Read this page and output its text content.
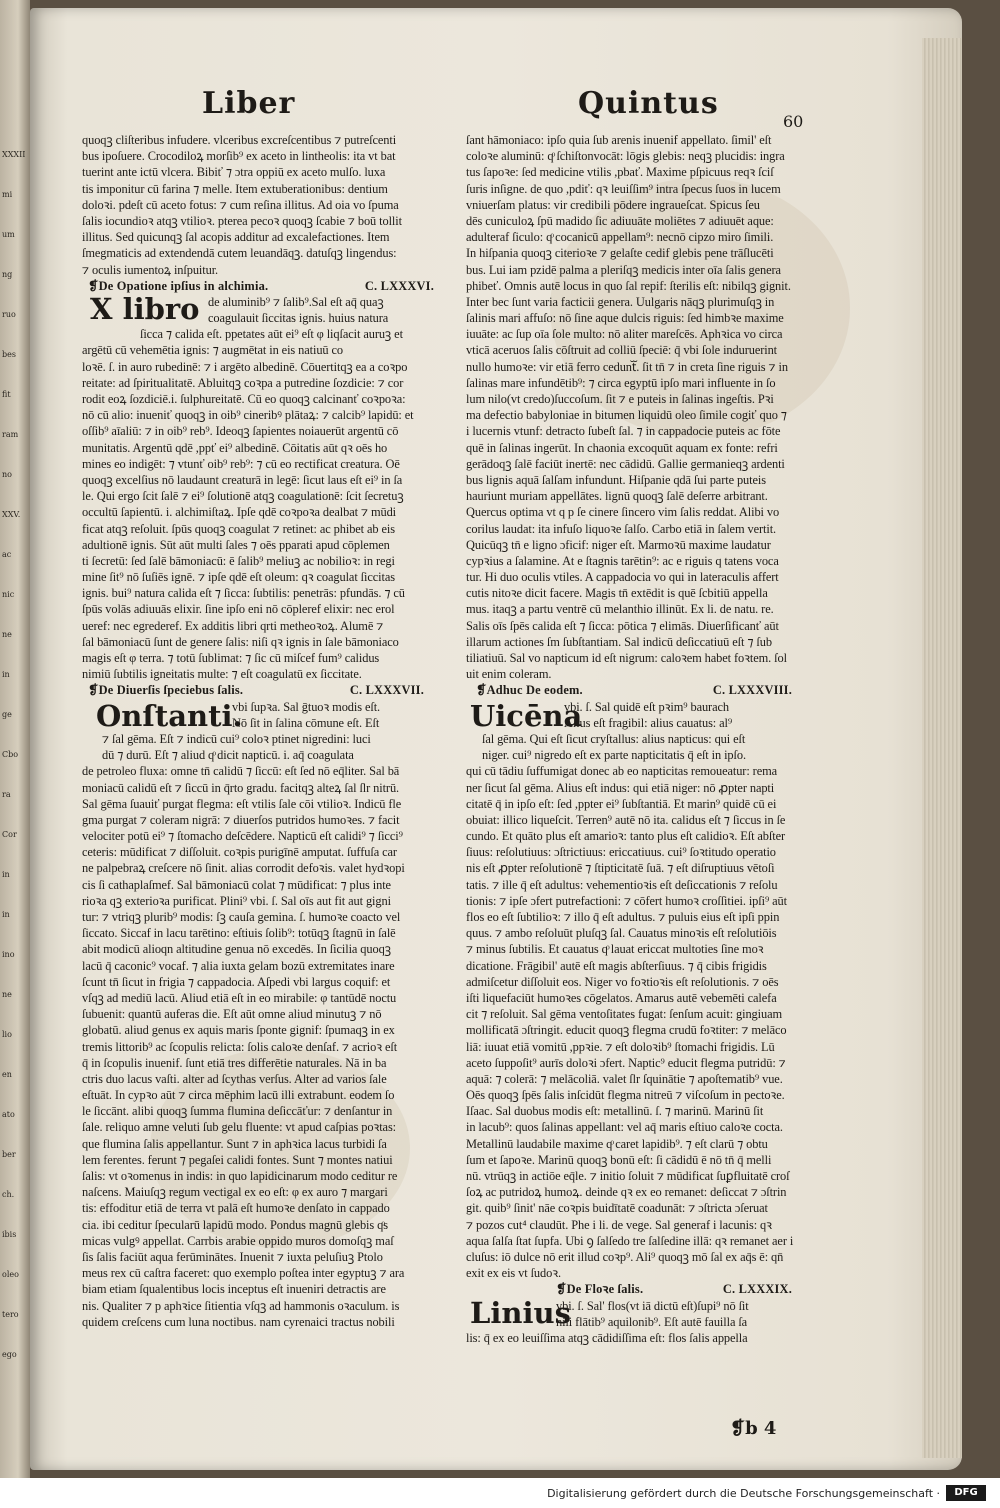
XXXII
mi
um
ng
ruo
bes
fit
ram
no
XXV.
ac
nic
ne
in
ge
Cbo
ra
Cor
in
in
ino
ne
lio
en
ato
ber
ch.
ibis
oleo
tero
ego
Liber	Quintus
60
quoqꝫ cliſteribus infudere. vlceribus excreſcentibus ⁊ putreſcenti
bus ipoſuere. Crocodiloꝝ morſib⁹ ex aceto in lintheolis: ita vt bat
tuerint ante ictū vlcera. Bibiť ⁊ ɔtra oppiū ex aceto mulſo. luxa
tis imponitur cū farina ⁊ melle. Item extuberationibus: dentium
doloꝛi. pdeſt cū aceto fotus: ⁊ cum reſina illitus. Ad oia vo ſpuma
ſalis iocundioꝛ atqꝫ vtilioꝛ. pterea pecoꝛ quoqꝫ ſcabie ⁊ boū tollit
illitus. Sed quicunqꝫ ſal acopis additur ad excalefactiones. Item
ſmegmaticis ad extendendā cutem leuandāqꝫ. datuſqꝫ lingendus:
⁊ oculis iumentoꝝ inſpuitur.
❡De Opatione ipſius in alchimia.	C. LXXXVI.
X libro de aluminib⁹ ⁊ ſalib⁹.Sal eſt aq̄ quaꝫ
coagulauit ſiccitas ignis. huius natura
ſicca ⁊ calida eſt. ppetates aūt ei⁹ eſt φ liqſacit auruꝫ et
argētū cū vehemētia ignis: ⁊ augmētat in eis natiuū co
loꝛē. ſ. in auro rubedinē: ⁊ i argēto albedinē. Cōuertitqꝫ ea a coꝛpo
reitate: ad ſpiritualitatē. Abluitqꝫ coꝛpa a putredine ſozdicie: ⁊ cor
rodit eoꝝ ſozdiciē.i. ſulphureitatē. Cū eo quoqꝫ calcinanť coꝛpoꝛa:
nō cū alio: inueniť quoqꝫ in oib⁹ cineribꝰ plātaꝝ: ⁊ calcib⁹ lapidū: et
oſſib⁹ aīaliū: ⁊ in oib⁹ reb⁹. Ideoqꝫ ſapientes noiauerūt argentū cō
munitatis. Argentū qdē ,ppť ei⁹ albedinē. Cōitatis aūt qꝛ oēs ho
mines eo indigēt: ⁊ vtunť oib⁹ reb⁹: ⁊ cū eo rectificat creatura. Oē
quoqꝫ excelſius nō laudaunt creaturā in legē: ſicut laus eſt ei⁹ in ſa
le. Qui ergo ſcit ſalē ⁊ ei⁹ ſolutionē atqꝫ coagulationē: ſcit ſecretuꝫ
occultū ſapientū. i. alchimiſtaꝝ. Ipſe qdē coꝛpoꝛa dealbat ⁊ mūdi
ficat atqꝫ reſoluit. ſpūs quoqꝫ coagulat ⁊ retinet: ac phibet ab eis
adultionē ignis. Sūt aūt multi ſales ⁊ oēs pparati apud cōplemen
ti ſecretū: ſed ſalē bāmoniacū: ē ſalib⁹ meliuꝫ ac nobilioꝛ: in regi
mine ſit⁹ nō ſuſiēs ignē. ⁊ ipſe qdē eſt oleum: qꝛ coagulat ſiccitas
ignis. bui⁹ natura calida eſt ⁊ ſicca: ſubtilis: penetrās: pfundās. ⁊ cū
ſpūs volās adiuuās elixir. ſine ipſo eni nō cōpleref elixir: nec erol
ueref: nec egrederef. Ex additis libri qrti metheoꝛoꝝ. Alumē ⁊
ſal bāmoniacū ſunt de genere ſalis: niſi qꝛ ignis in ſale bāmoniaco
magis eſt φ terra. ⁊ totū ſublimat: ⁊ ſic cū miſcef fum⁹ calidus
nimiū ſubtilis igneitatis multe: ⁊ eſt coagulatū ex ſiccitate.
❡De Diuerſis ſpeciebus ſalis.	C. LXXXVII.
Onſtanti.
vbi ſupꝛa. Sal ḡtuoꝛ modis eſt.
Nō ſit in ſalina cōmune eſt. Eſt
⁊ ſal gēma. Eſt ⁊ indicū cui⁹ coloꝛ ptinet nigredini: luci
dū ⁊ durū. Eſt ⁊ aliud qͦ dicit napticū. i. aq̄ coagulata
de petroleo fluxa: omne tn̄ calidū ⁊ ſiccū: eſt ſed nō eq̄liter. Sal bā
moniacū calidū eſt ⁊ ſiccū in q̄rto gradu. facitqꝫ alteꝝ ſal ſlr nitrū.
Sal gēma ſuauiť purgat flegma: eſt vtilis ſale cōi vtilioꝛ. Indicū fle
gma purgat ⁊ coleram nigrā: ⁊ diuerſos putridos humoꝛes. ⁊ facit
velociter potū ei⁹ ⁊ ſtomacho deſcēdere. Napticū eſt calidi⁹ ⁊ ſicci⁹
ceteris: mūdificat ⁊ diſſoluit. coꝛpis purigīnē amputat. ſuffuſa car
ne palpebraꝝ creſcere nō ſinit. alias corrodit defoꝛis. valet hydꝛopi
cis ſi cathaplaſmef. Sal bāmoniacū colat ⁊ mūdificat: ⁊ plus inte
rioꝛa qꝫ exterioꝛa purificat. Plini⁹ vbi. ſ. Sal oīs aut fit aut gigni
tur: ⁊ vtriqꝫ plurib⁹ modis: ſꝫ cauſa gemina. ſ. humoꝛe coacto vel
ſiccato. Siccaf in lacu tarētino: eſtiuis ſolib⁹: totūqꝫ ſtagnū in ſalē
abit modicū alioqn altitudine genua nō excedēs. In ſicilia quoqꝫ
lacū q̄ caconic⁹ vocaf. ⁊ alia iuxta gelam bozū extremitates inare
ſcunt tn̄ ſicut in frigia ⁊ cappadocia. Aſpedi vbi largus coquif: et
vſqꝫ ad mediū lacū. Aliud etiā eſt in eo mirabile: φ tantūdē noctu
ſubuenit: quantū auferas die. Eſt aūt omne aliud minutuꝫ ⁊ nō
globatū. aliud genus ex aquis maris ſponte gignif: ſpumaqꝫ in ex
tremis littorib⁹ ac ſcopulis relicta: ſolis caloꝛe denſaf. ⁊ acrioꝛ eſt
q̄ in ſcopulis inuenif. ſunt etiā tres differētie naturales. Nā in ba
ctris duo lacus vaſti. alter ad ſcythas verſus. Alter ad varios ſale
eſtuāt. In cypꝛo aūt ⁊ circa mēphim lacū illi extrabunt. eodem ſo
le ſiccānt. alibi quoqꝫ ſumma flumina deſiccāťur: ⁊ denſantur in
ſale. reliquo amne veluti ſub gelu fluente: vt apud caſpias poꝛtas:
que flumina ſalis appellantur. Sunt ⁊ in aphꝛica lacus turbidi ſa
lem ferentes. ferunt ⁊ pegaſei calidi fontes. Sunt ⁊ montes natiui
ſalis: vt oꝛomenus in indis: in quo lapidicinarum modo ceditur re
naſcens. Maiuſqꝫ regum vectigal ex eo eſt: φ ex auro ⁊ margari
tis: effoditur etiā de terra vt palā eſt humoꝛe denſato in cappado
cia. ibi ceditur ſpecularū lapidū modo. Pondus magnū glebis qͦs
micas vulgꝰ appellat. Carrbis arabie oppido muros domoſqꝫ maſ
ſis ſalis faciūt aqua ferūminātes. Inuenit ⁊ iuxta peluſiuꝫ Ptolo
meus rex cū caſtra faceret: quo exemplo poſtea inter egyptuꝫ ⁊ ara
biam etiam ſqualentibus locis inceptus eſt inueniri detractis are
nis. Qualiter ⁊ p aphꝛice ſitientia vſqꝫ ad hammonis oꝛaculum. is
quidem creſcens cum luna noctibus. nam cyrenaici tractus nobili
ſant hāmoniaco: ipſo quia ſub arenis inuenif appellato. ſimil' eſt
coloꝛe aluminū: qͦ ſchiſtonvocāt: lōgis glebis: neqꝫ plucidis: ingra
tus ſapoꝛe: ſed medicine vtilis ,pbať. Maxime pſpicuus reqꝛ ſciſ
ſuris inſigne. de quo ,pdiť: qꝛ leuiſſim⁹ intra ſpecus ſuos in lucem
vniuerſam platus: vir credibili pōdere ingraueſcat. Spicus ſeu
dēs cuniculoꝝ ſpū madido ſic adiuuāte moliētes ⁊ adiuuēt aque:
adulteraf ſiculo: qͦ cocanicū appellam⁹: necnō cipzo miro ſimili.
In hiſpania quoqꝫ citerioꝛe ⁊ gelaſte cedif glebis pene trāſlucēti
bus. Lui iam pzidē palma a pleriſqꝫ medicis inter oīa ſalis genera
phibeť. Omnis autē locus in quo ſal repif: ſterilis eſt: nibilqꝫ gignit.
Inter bec ſunt varia facticii genera. Uulgaris nāqꝫ plurimuſqꝫ in
ſalinis mari affuſo: nō ſine aque dulcis riguis: ſed himbꝛe maxime
iuuāte: ac ſup oīa ſole multo: nō aliter mareſcēs. Aphꝛica vo circa
vticā aceruos ſalis cōſtruit ad colliū ſpeciē: q̄ vbi ſole induruerint
nullo humoꝛe: vir etiā ferro ceduntᷓ. ſit tn̄ ⁊ in creta ſine riguis ⁊ in
ſalinas mare infundētib⁹: ⁊ circa egyptū ipſo mari influente in ſo
lum nilo(vt credo)ſuccoſum. ſit ⁊ e puteis in ſalinas ingeſtis. Pꝛi
ma defectio babyloniae in bitumen liquidū oleo ſimile cogiť quo ⁊
i lucernis vtunf: detracto ſubeſt ſal. ⁊ in cappadocie puteis ac fōte
quē in ſalinas ingerūt. In chaonia excoquūt aquam ex fonte: refri
gerādoqꝫ ſalē faciūt inertē: nec cādidū. Gallie germanieqꝫ ardenti
bus lignis aquā ſalſam infundunt. Hiſpanie qdā ſui parte puteis
hauriunt muriam appellātes. lignū quoqꝫ ſalē deſerre arbitrant.
Quercus optima vt q p ſe cinere ſincero vim ſalis reddat. Alibi vo
corilus laudat: ita infuſo liquoꝛe ſalſo. Carbo etiā in ſalem vertit.
Quicūqꝫ tn̄ e ligno ɔficif: niger eſt. Marmoꝛū maxime laudatur
cypꝛius a ſalamine. At e ſtagnis tarētin⁹: ac e riguis q tatens voca
tur. Hi duo oculis vtiles. A cappadocia vo qui in lateraculis affert
cutis nitoꝛe dicit facere. Magis tn̄ extēdit is quē ſcbitiū appella
mus. itaqꝫ a partu ventrē cū melanthio illinūt. Ex li. de natu. re.
Salis oīs ſpēs calida eſt ⁊ ſicca: pōtica ⁊ elimās. Diuerſificanť aūt
illarum actiones ſm ſubſtantiam. Sal indicū deſiccatiuū eſt ⁊ ſub
tiliatiuū. Sal vo napticum id eſt nigrum: caloꝛem habet foꝛtem. ſol
uit enim coleram.
❡Adhuc De eodem.	C. LXXXVIII.
Uicēna
vbi. ſ. Sal quidē eſt pꝛim⁹ baurach
Alius eſt fragibil: alius cauatus: al⁹
ſal gēma. Qui eſt ſicut cryſtallus: alius napticus: qui eſt
niger. cui⁹ nigredo eſt ex parte napticitatis q̄ eſt in ipſo.
qui cū tādiu ſuffumigat donec ab eo napticitas remoueatur: rema
ner ſicut ſal gēma. Alius eſt indus: qui etiā niger: nō ꝓpter napti
citatē q̄ in ipſo eſt: ſed ,ppter ei⁹ ſubſtantiā. Et marin⁹ quidē cū ei
obuiat: illico liqueſcit. Terren⁹ autē nō ita. calidus eſt ⁊ ſiccus in ſe
cundo. Et quāto plus eſt amarioꝛ: tanto plus eſt calidioꝛ. Eſt abſter
ſiuus: reſolutiuus: ɔſtrictiuus: ericcatiuus. cui⁹ ſoꝛtitudo operatio
nis eſt ꝓpter reſolutionē ⁊ ſtipticitatē ſuā. ⁊ eſt diſruptiuus vētoſi
tatis. ⁊ ille q̄ eſt adultus: vehementioꝛis eſt deſiccationis ⁊ reſolu
tionis: ⁊ ipſe ɔfert putrefactioni: ⁊ cōfert humoꝛ croſſitiei. ipſi⁹ aūt
flos eo eſt ſubtilioꝛ: ⁊ illo q̄ eſt adultus. ⁊ puluis eius eſt ipſi ppin
quus. ⁊ ambo reſoluūt pluſqꝫ ſal. Cauatus minoꝛis eſt reſolutiōis
⁊ minus ſubtilis. Et cauatus qͦ lauat ericcat multoties ſine moꝛ
dicatione. Frāgibil' autē eſt magis abſterſiuus. ⁊ q̄ cibis frigidis
admiſcetur diſſoluit eos. Niger vo foꝛtioꝛis eſt reſolutionis. ⁊ oēs
iſti liquefaciūt humoꝛes cōgelatos. Amarus autē vebemēti calefa
cit ⁊ reſoluit. Sal gēma ventoſitates fugat: ſenſum acuit: gingiuam
mollificatā ɔſtringit. educit quoqꝫ flegma crudū foꝛtiter: ⁊ melāco
liā: iuuat etiā vomitū ,ppꝛie. ⁊ eſt doloꝛib⁹ ſtomachi frigidis. Lū
aceto ſuppoſit⁹ aurīs doloꝛi ɔfert. Naptic⁹ educit flegma putridū: ⁊
aquā: ⁊ colerā: ⁊ melācoliā. valet ſlr ſquinātie ⁊ apoſtematib⁹ vue.
Oēs quoqꝫ ſpēs ſalis inſcidūt flegma nitreū ⁊ viſcoſum in pectoꝛe.
Iſaac. Sal duobus modis eſt: metallinū. ſ. ⁊ marinū. Marinū ſit
in lacub⁹: quos ſalinas appellant: vel aq̄ maris eſtiuo caloꝛe cocta.
Metallinū laudabile maxime qͦ caret lapidib⁹. ⁊ eſt clarū ⁊ obtu
ſum et ſapoꝛe. Marinū quoqꝫ bonū eſt: ſi cādidū ē nō tn̄ q̄ melli
nū. vtrūqꝫ in actiōe eq̄le. ⁊ initio ſoluit ⁊ mūdificat ſuꝑfluitatē croſ
ſoꝝ ac putridoꝝ humoꝝ. deinde qꝛ ex eo remanet: deſiccat ⁊ ɔſtrin
git. quib⁹ ſinit' nāe coꝛpis buidītatē coadunāt: ⁊ ɔſtricta ɔſeruat
⁊ pozos cut⁴ claudūt. Phe i li. de vege. Sal generaf i lacunis: qꝛ
aqua ſalſa ſtat ſupfa. Ubi ꝯ ſalſedo tre ſalſedine illā: qꝛ remanet aer i
cluſus: iō dulce nō erit illud coꝛp⁹. Ali⁹ quoqꝫ mō ſal ex aq̄s ē: qn̄
exit ex eis vt ſudoꝛ.
❡De Floꝛe ſalis.	C. LXXXIX.
Linius
vbi. ſ. Sal' flos(vt iā dictū eſt)ſupi⁹ nō ſit
niſi flātib⁹ aquilonib⁹. Eſt autē fauilla ſa
lis: q̄ ex eo leuiſſima atqꝫ cādidiſſima eſt: flos ſalis appella
❡b 4
Digitalisierung gefördert durch die Deutsche Forschungsgemeinschaft ·	DFG
